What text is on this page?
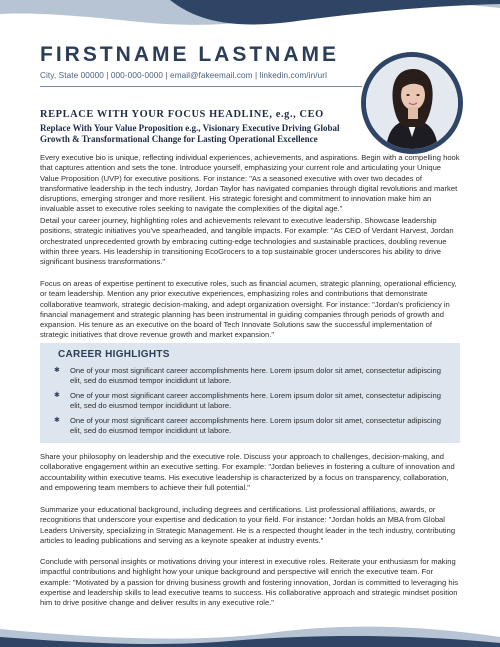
FIRSTNAME LASTNAME
City, State 00000 | 000-000-0000 | email@fakeemail.com | linkedin.com/in/url
REPLACE WITH YOUR FOCUS HEADLINE, e.g., CEO
Replace With Your Value Proposition e.g., Visionary Executive Driving Global Growth & Transformational Change for Lasting Operational Excellence

Every executive bio is unique, reflecting individual experiences, achievements, and aspirations. Begin with a compelling hook that captures attention and sets the tone. Introduce yourself, emphasizing your current role and articulating your Unique Value Proposition (UVP) for executive positions. For instance: "As a seasoned executive with over two decades of transformative leadership in the tech industry, Jordan Taylor has navigated companies through digital revolutions and market disruptions, emerging stronger and more resilient. His strategic foresight and commitment to innovation make him an invaluable asset to executive roles seeking to navigate the complexities of the digital age."

Detail your career journey, highlighting roles and achievements relevant to executive leadership. Showcase leadership positions, strategic initiatives you've spearheaded, and tangible impacts. For example: "As CEO of Verdant Harvest, Jordan orchestrated unprecedented growth by embracing cutting-edge technologies and sustainable practices, doubling revenue within three years. His leadership in transitioning EcoGrocers to a top sustainable grocer underscores his ability to drive significant business transformations."

Focus on areas of expertise pertinent to executive roles, such as financial acumen, strategic planning, operational efficiency, or team leadership. Mention any prior executive experiences, emphasizing roles and contributions that demonstrate collaborative teamwork, strategic decision-making, and adept organization oversight. For instance: "Jordan's proficiency in financial management and strategic planning has been instrumental in guiding companies through periods of growth and expansion. His tenure as an executive on the board of Tech Innovate Solutions saw the successful implementation of strategic initiatives that drove revenue growth and market expansion."

CAREER HIGHLIGHTS
✱	One of your most significant career accomplishments here. Lorem ipsum dolor sit amet, consectetur adipiscing elit, sed do eiusmod tempor incididunt ut labore.
✱	One of your most significant career accomplishments here. Lorem ipsum dolor sit amet, consectetur adipiscing elit, sed do eiusmod tempor incididunt ut labore.
✱	One of your most significant career accomplishments here. Lorem ipsum dolor sit amet, consectetur adipiscing elit, sed do eiusmod tempor incididunt ut labore.

Share your philosophy on leadership and the executive role. Discuss your approach to challenges, decision-making, and collaborative engagement within an executive setting. For example: "Jordan believes in fostering a culture of innovation and accountability within executive teams. His executive leadership is characterized by a focus on transparency, collaboration, and empowering team members to achieve their full potential."

Summarize your educational background, including degrees and certifications. List professional affiliations, awards, or recognitions that underscore your expertise and dedication to your field. For instance: "Jordan holds an MBA from Global Leaders University, specializing in Strategic Management. He is a respected thought leader in the tech industry, contributing articles to leading publications and serving as a keynote speaker at industry events."

Conclude with personal insights or motivations driving your interest in executive roles. Reiterate your enthusiasm for making impactful contributions and highlight how your unique background and perspective will enrich the executive team. For example: "Motivated by a passion for driving business growth and fostering innovation, Jordan is committed to leveraging his expertise and leadership skills to lead executive teams to success. His collaborative approach and strategic mindset position him to drive positive change and deliver results in any executive role."
